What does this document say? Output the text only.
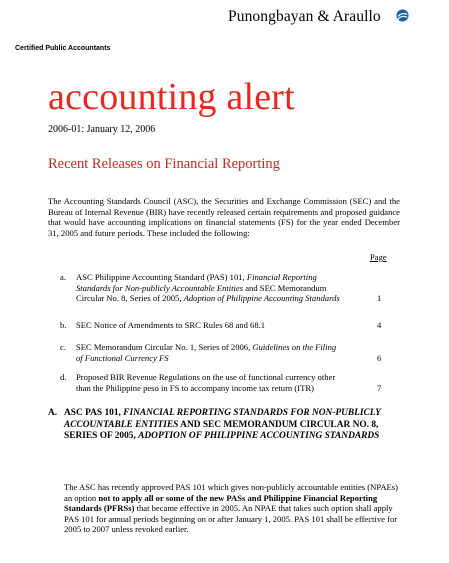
Punongbayan & Araullo
Certified Public Accountants
accounting alert
2006-01: January 12, 2006
Recent Releases on Financial Reporting
The Accounting Standards Council (ASC), the Securities and Exchange Commission (SEC) and the Bureau of Internal Revenue (BIR) have recently released certain requirements and proposed guidance that would have accounting implications on financial statements (FS) for the year ended December 31, 2005 and future periods. These included the following:
Page
a. ASC Philippine Accounting Standard (PAS) 101, Financial Reporting Standards for Non-publicly Accountable Entities and SEC Memorandum Circular No. 8, Series of 2005, Adoption of Philippine Accounting Standards	1
b. SEC Notice of Amendments to SRC Rules 68 and 68.1	4
c. SEC Memorandum Circular No. 1, Series of 2006, Guidelines on the Filing of Functional Currency FS	6
d. Proposed BIR Revenue Regulations on the use of functional currency other than the Philippine peso in FS to accompany income tax return (ITR)	7
A. ASC PAS 101, FINANCIAL REPORTING STANDARDS FOR NON-PUBLICLY ACCOUNTABLE ENTITIES AND SEC MEMORANDUM CIRCULAR NO. 8, SERIES OF 2005, ADOPTION OF PHILIPPINE ACCOUNTING STANDARDS
The ASC has recently approved PAS 101 which gives non-publicly accountable entities (NPAEs) an option not to apply all or some of the new PASs and Philippine Financial Reporting Standards (PFRSs) that became effective in 2005. An NPAE that takes such option shall apply PAS 101 for annual periods beginning on or after January 1, 2005. PAS 101 shall be effective for 2005 to 2007 unless revoked earlier.
